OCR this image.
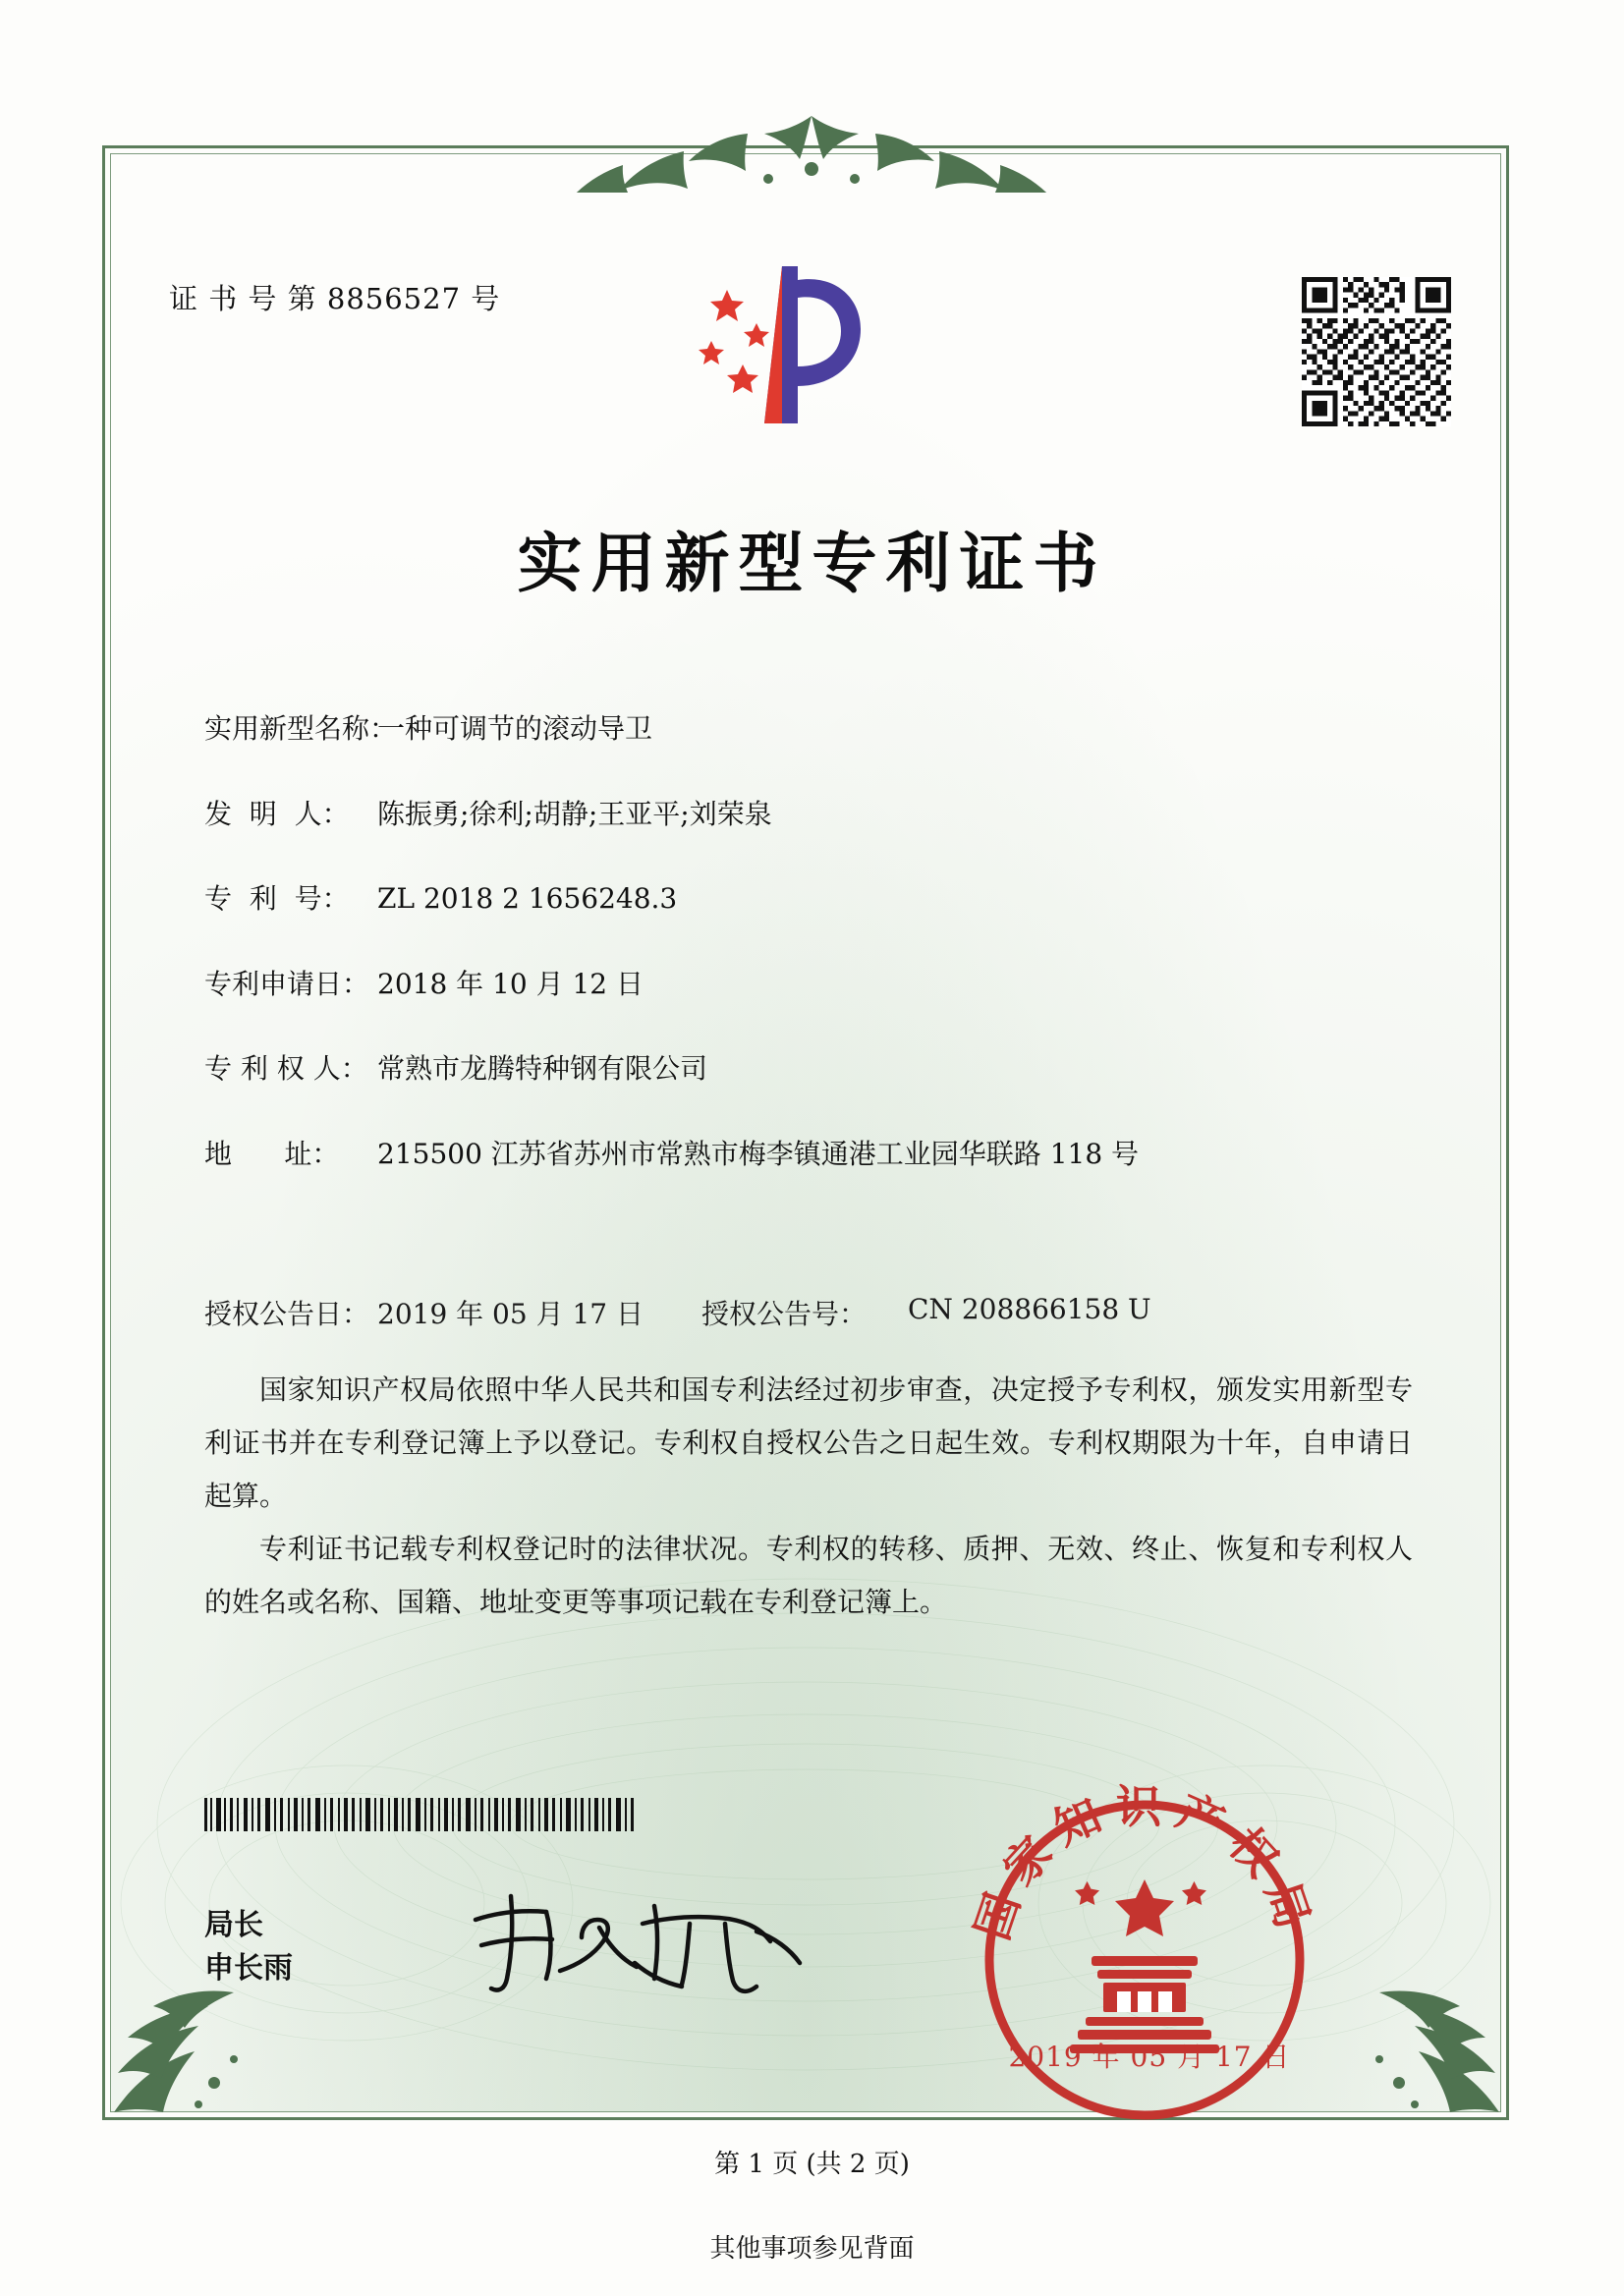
证 书 号 第 8856527 号
实用新型专利证书
实用新型名称：
一种可调节的滚动导卫
发  明  人：	陈振勇;徐利;胡静;王亚平;刘荣泉
专  利  号：	ZL 2018 2 1656248.3
专利申请日： 2018 年 10 月 12 日
专 利 权 人： 常熟市龙腾特种钢有限公司
地      址：	215500 江苏省苏州市常熟市梅李镇通港工业园华联路 118 号
授权公告日： 2019 年 05 月 17 日	授权公告号：	CN 208866158 U
国家知识产权局依照中华人民共和国专利法经过初步审查，决定授予专利权，颁发实用新型专利证书并在专利登记簿上予以登记。专利权自授权公告之日起生效。专利权期限为十年，自申请日起算。
专利证书记载专利权登记时的法律状况。专利权的转移、质押、无效、终止、恢复和专利权人的姓名或名称、国籍、地址变更等事项记载在专利登记簿上。
局长
申长雨
国家知识产权局
2019 年 05 月 17 日
第 1 页 (共 2 页)
其他事项参见背面
